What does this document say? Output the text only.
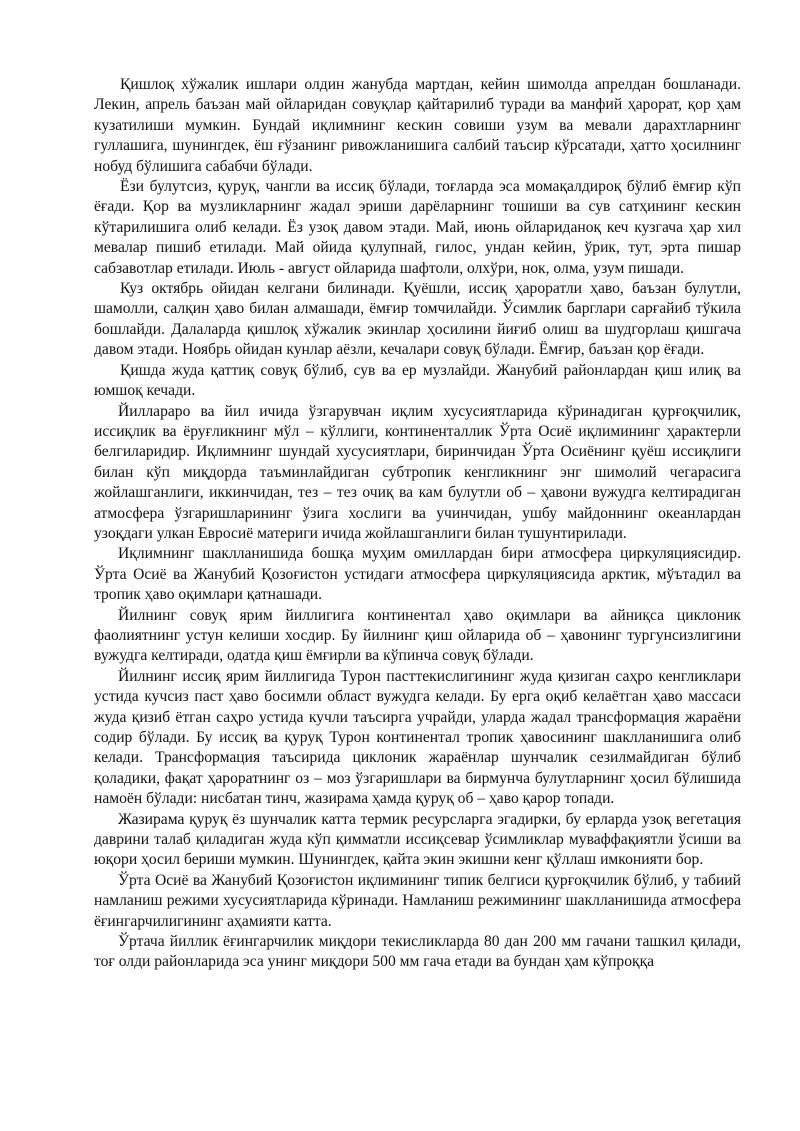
Қишлоқ хўжалик ишлари олдин жанубда мартдан, кейин шимолда апрелдан бошланади. Лекин, апрель баъзан май ойларидан совуқлар қайтарилиб туради ва манфий ҳарорат, қор ҳам кузатилиши мумкин. Бундай иқлимнинг кескин совиши узум ва мевали дарахтларнинг гуллашига, шунингдек, ёш ғўзанинг ривожланишига салбий таъсир кўрсатади, ҳатто ҳосилнинг нобуд бўлишига сабабчи бўлади.

Ёзи булутсиз, қуруқ, чангли ва иссиқ бўлади, тоғларда эса момақалдироқ бўлиб ёмғир кўп ёғади. Қор ва музликларнинг жадал эриши дарёларнинг тошиши ва сув сатҳининг кескин кўтарилишига олиб келади. Ёз узоқ давом этади. Май, июнь ойлариданоқ кеч кузгача ҳар хил мевалар пишиб етилади. Май ойида қулупнай, гилос, ундан кейин, ўрик, тут, эрта пишар сабзавотлар етилади. Июль - август ойларида шафтоли, олхўри, нок, олма, узум пишади.

Куз октябрь ойидан келгани билинади. Қуёшли, иссиқ ҳароратли ҳаво, баъзан булутли, шамолли, салқин ҳаво билан алмашади, ёмғир томчилайди. Ўсимлик барглари сарғайиб тўкила бошлайди. Далаларда қишлоқ хўжалик экинлар ҳосилини йиғиб олиш ва шудгорлаш қишгача давом этади. Ноябрь ойидан кунлар аёзли, кечалари совуқ бўлади. Ёмғир, баъзан қор ёғади.

Қишда жуда қаттиқ совуқ бўлиб, сув ва ер музлайди. Жанубий районлардан қиш илиқ ва юмшоқ кечади.

Йилларaро ва йил ичида ўзгарувчан иқлим хусусиятларида кўринадиган қурғоқчилик, иссиқлик ва ёруғликнинг мўл – кўллиги, континенталлик Ўрта Осиё иқлимининг ҳарактерли белгиларидир. Иқлимнинг шундай хусусиятлари, биринчидан Ўрта Осиёнинг қуёш иссиқлиги билан кўп миқдорда таъминлайдиган субтропик кенгликнинг энг шимолий чегарасига жойлашганлиги, иккинчидан, тез – тез очиқ ва кам булутли об – ҳавони вужудга келтирадиган атмосфера ўзгаришларининг ўзига хослиги ва учинчидан, ушбу майдоннинг океанлардан узоқдаги улкан Евросиё материги ичида жойлашганлиги билан тушунтирилади.

Иқлимнинг шаклланишида бошқа муҳим омиллардан бири атмосфера циркуляциясидир. Ўрта Осиё ва Жанубий Қозоғистон устидаги атмосфера циркуляциясида арктик, мўътадил ва тропик ҳаво оқимлари қатнашади.

Йилнинг совуқ ярим йиллигига континентал ҳаво оқимлари ва айниқса циклоник фаолиятнинг устун келиши хосдир. Бу йилнинг қиш ойларида об – ҳавонинг тургунсизлигини вужудга келтиради, одатда қиш ёмғирли ва кўпинча совуқ бўлади.

Йилнинг иссиқ ярим йиллигида Турон пасттекислигининг жуда қизиган саҳро кенгликлари устида кучсиз паст ҳаво босимли област вужудга келади. Бу ерга оқиб келаётган ҳаво массаси жуда қизиб ётган саҳро устида кучли таъсирга учрайди, уларда жадал трансформация жараёни содир бўлади. Бу иссиқ ва қуруқ Турон континентал тропик ҳавосининг шаклланишига олиб келади. Трансформация таъсирида циклоник жараёнлар шунчалик сезилмайдиган бўлиб қоладики, фақат ҳароратнинг оз – моз ўзгаришлари ва бирмунча булутларнинг ҳосил бўлишида намоён бўлади: нисбатан тинч, жазирама ҳамда қуруқ об – ҳаво қарор топади.

Жазирама қуруқ ёз шунчалик катта термик ресурсларга эгадирки, бу ерларда узоқ вегетация даврини талаб қиладиган жуда кўп қимматли иссиқсевар ўсимликлар муваффақиятли ўсиши ва юқори ҳосил бериши мумкин. Шунингдек, қайта экин экишни кенг қўллаш имконияти бор.

Ўрта Осиё ва Жанубий Қозоғистон иқлимининг типик белгиси қурғоқчилик бўлиб, у табиий намланиш режими хусусиятларида кўринади. Намланиш режимининг шаклланишида атмосфера ёғингарчилигининг аҳамияти катта.

Ўртача йиллик ёғингарчилик миқдори текисликларда 80 дан 200 мм гачани ташкил қилади, тоғ олди районларида эса унинг миқдори 500 мм гача етади ва бундан ҳам кўпроққа
